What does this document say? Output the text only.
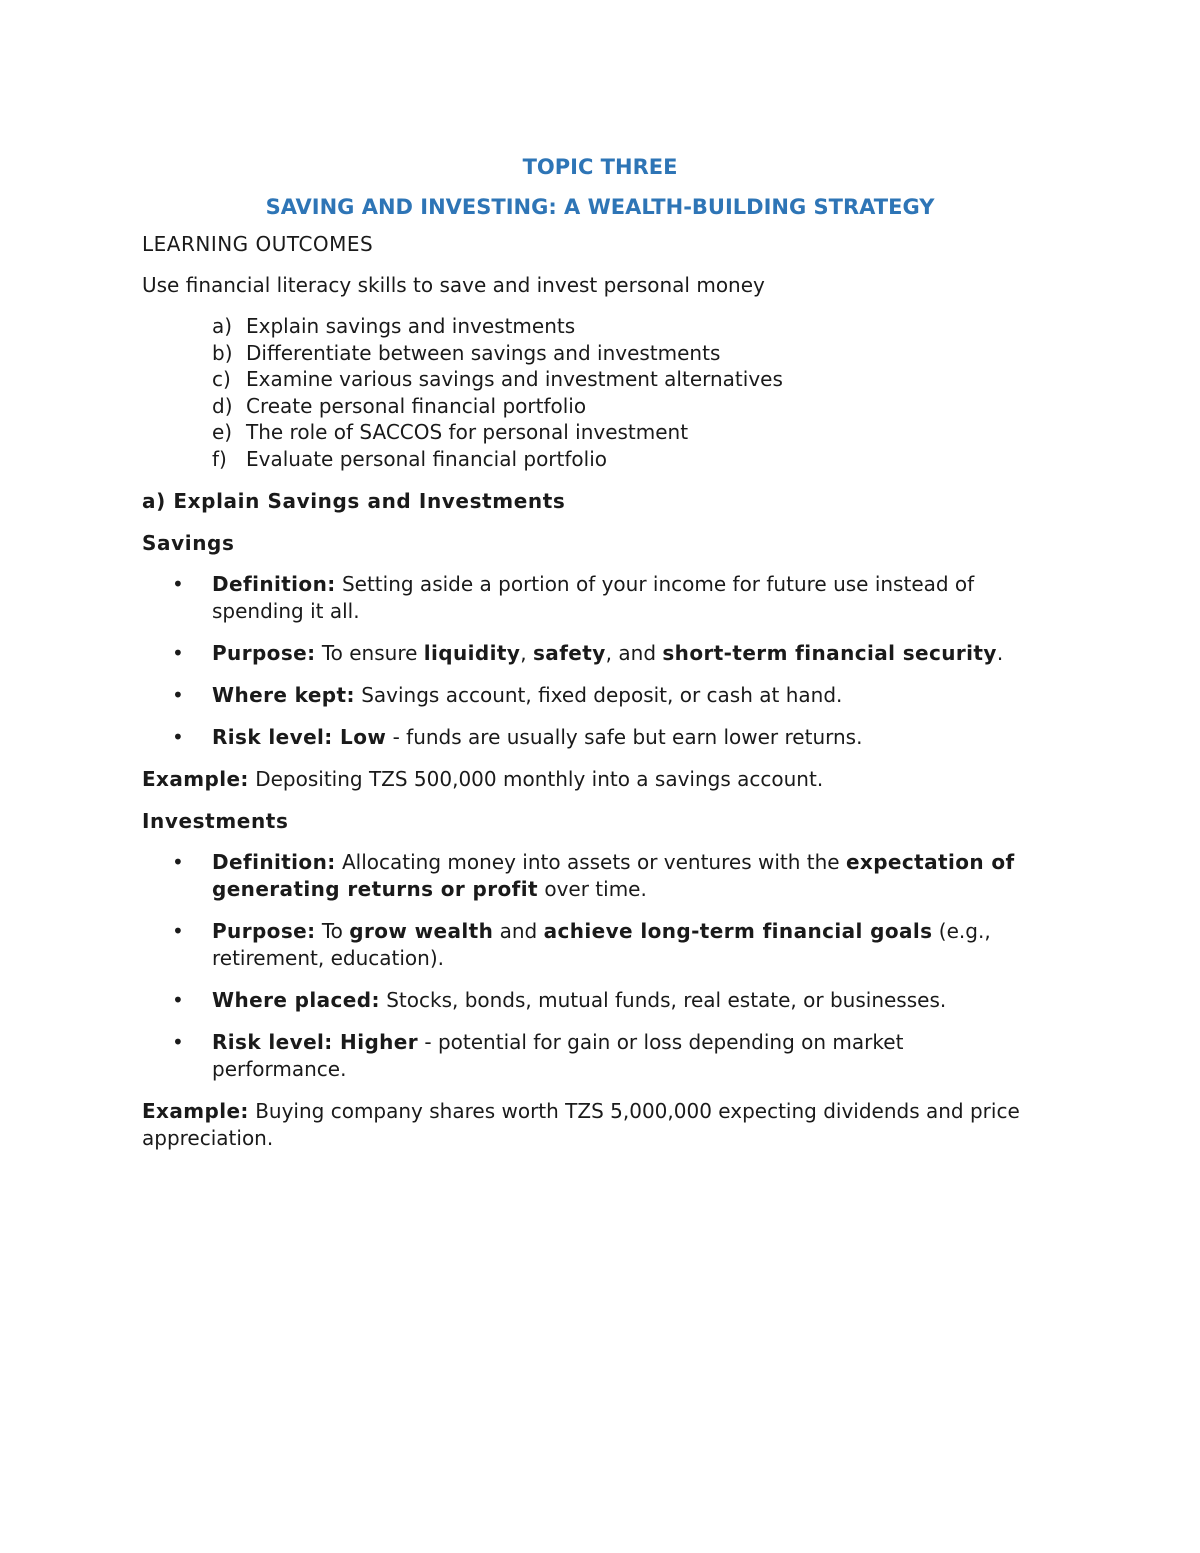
TOPIC THREE
SAVING AND INVESTING: A WEALTH-BUILDING STRATEGY

LEARNING OUTCOMES

Use financial literacy skills to save and invest personal money

a) Explain savings and investments
b) Differentiate between savings and investments
c) Examine various savings and investment alternatives
d) Create personal financial portfolio
e) The role of SACCOS for personal investment
f) Evaluate personal financial portfolio

a) Explain Savings and Investments

Savings

•	Definition: Setting aside a portion of your income for future use instead of spending it all.
•	Purpose: To ensure liquidity, safety, and short-term financial security.
•	Where kept: Savings account, fixed deposit, or cash at hand.
•	Risk level: Low - funds are usually safe but earn lower returns.

Example: Depositing TZS 500,000 monthly into a savings account.

Investments

•	Definition: Allocating money into assets or ventures with the expectation of generating returns or profit over time.
•	Purpose: To grow wealth and achieve long-term financial goals (e.g., retirement, education).
•	Where placed: Stocks, bonds, mutual funds, real estate, or businesses.
•	Risk level: Higher - potential for gain or loss depending on market performance.

Example: Buying company shares worth TZS 5,000,000 expecting dividends and price appreciation.
